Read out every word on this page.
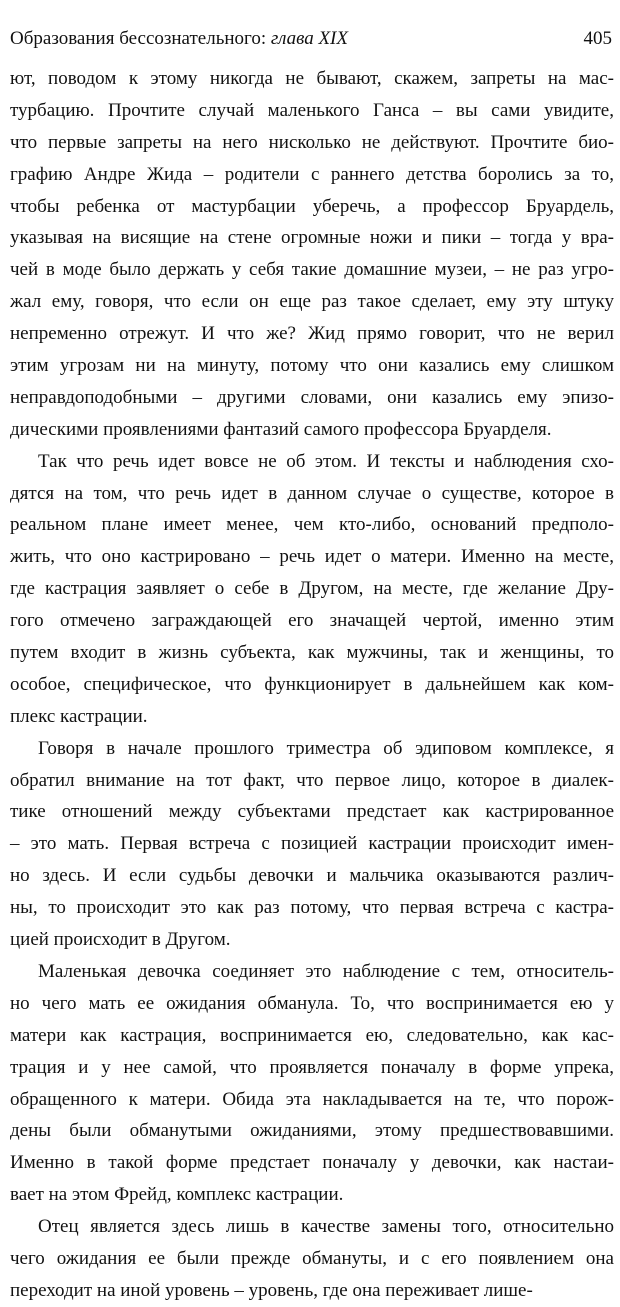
Образования бессознательного: глава XIX	405
ют, поводом к этому никогда не бывают, скажем, запреты на мас-
турбацию. Прочтите случай маленького Ганса – вы сами увидите,
что первые запреты на него нисколько не действуют. Прочтите био-
графию Андре Жида – родители с раннего детства боролись за то,
чтобы ребенка от мастурбации уберечь, а профессор Бруардель,
указывая на висящие на стене огромные ножи и пики – тогда у вра-
чей в моде было держать у себя такие домашние музеи, – не раз угро-
жал ему, говоря, что если он еще раз такое сделает, ему эту штуку
непременно отрежут. И что же? Жид прямо говорит, что не верил
этим угрозам ни на минуту, потому что они казались ему слишком
неправдоподобными – другими словами, они казались ему эпизо-
дическими проявлениями фантазий самого профессора Бруарделя.
Так что речь идет вовсе не об этом. И тексты и наблюдения схо-
дятся на том, что речь идет в данном случае о существе, которое в
реальном плане имеет менее, чем кто-либо, оснований предполо-
жить, что оно кастрировано – речь идет о матери. Именно на месте,
где кастрация заявляет о себе в Другом, на месте, где желание Дру-
гого отмечено заграждающей его значащей чертой, именно этим
путем входит в жизнь субъекта, как мужчины, так и женщины, то
особое, специфическое, что функционирует в дальнейшем как ком-
плекс кастрации.
Говоря в начале прошлого триместра об эдиповом комплексе, я
обратил внимание на тот факт, что первое лицо, которое в диалек-
тике отношений между субъектами предстает как кастрированное
– это мать. Первая встреча с позицией кастрации происходит имен-
но здесь. И если судьбы девочки и мальчика оказываются различ-
ны, то происходит это как раз потому, что первая встреча с кастра-
цией происходит в Другом.
Маленькая девочка соединяет это наблюдение с тем, относитель-
но чего мать ее ожидания обманула. То, что воспринимается ею у
матери как кастрация, воспринимается ею, следовательно, как кас-
трация и у нее самой, что проявляется поначалу в форме упрека,
обращенного к матери. Обида эта накладывается на те, что порож-
дены были обманутыми ожиданиями, этому предшествовавшими.
Именно в такой форме предстает поначалу у девочки, как настаи-
вает на этом Фрейд, комплекс кастрации.
Отец является здесь лишь в качестве замены того, относительно
чего ожидания ее были прежде обмануты, и с его появлением она
переходит на иной уровень – уровень, где она переживает лише-
